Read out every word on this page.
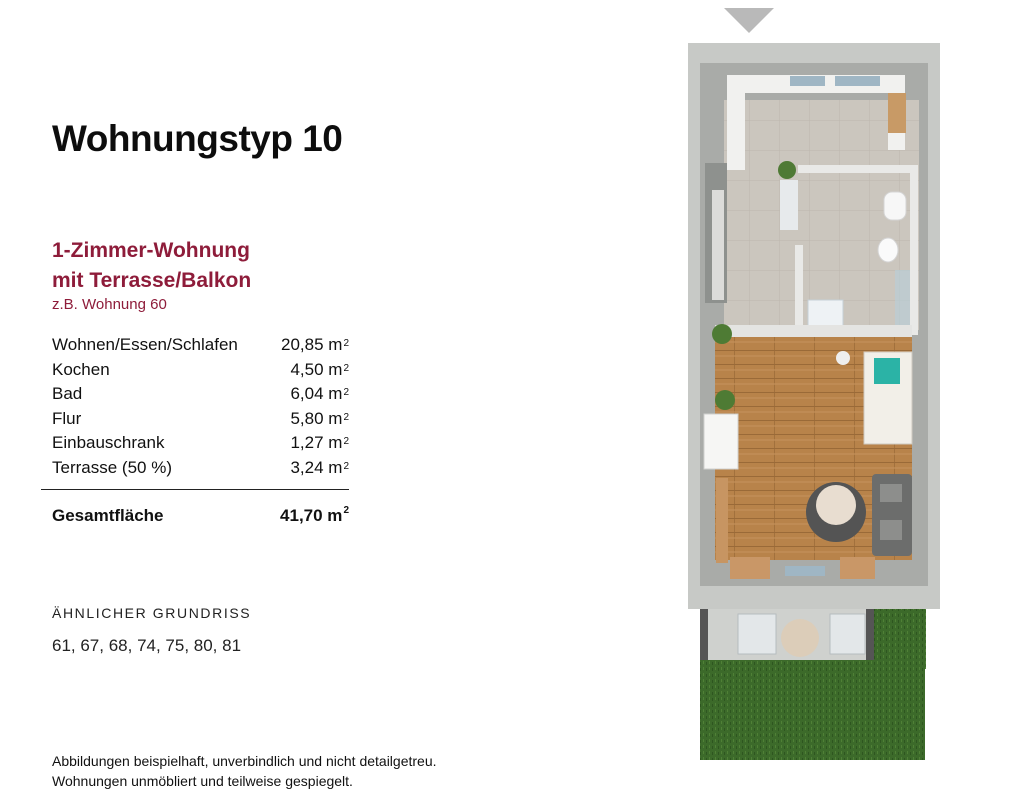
Wohnungstyp 10
1-Zimmer-Wohnung
mit Terrasse/Balkon
z.B. Wohnung 60
Wohnen/Essen/Schlafen	20,85 $m^2$
Kochen	4,50 $m^2$
Bad	6,04 $m^2$
Flur	5,80 $m^2$
Einbauschrank	1,27 $m^2$
Terrasse (50 %)	3,24 $m^2$
Gesamtfläche	41,70 $m^2$
ÄHNLICHER GRUNDRISS
61, 67, 68, 74, 75, 80, 81
Abbildungen beispielhaft, unverbindlich und nicht detailgetreu.
Wohnungen unmöbliert und teilweise gespiegelt.
